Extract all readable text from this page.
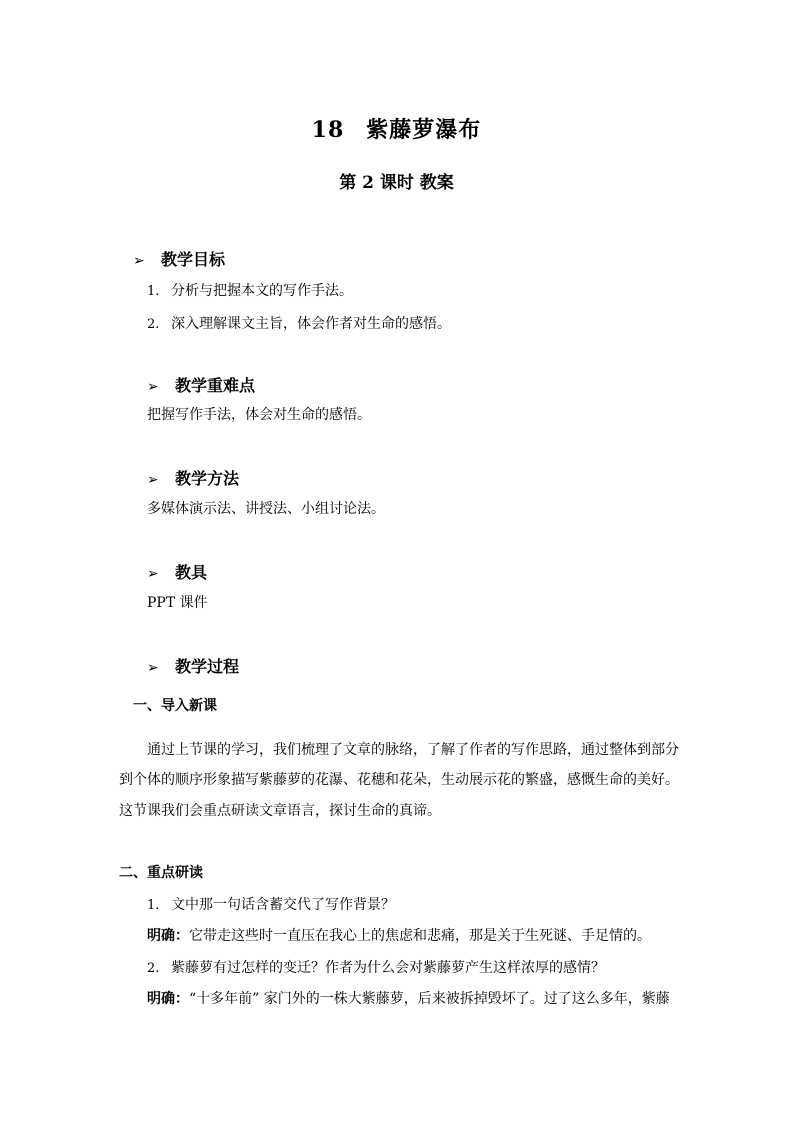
18 紫藤萝瀑布
第 2 课时 教案
➢ 教学目标
1. 分析与把握本文的写作手法。
2. 深入理解课文主旨，体会作者对生命的感悟。
➢ 教学重难点
把握写作手法，体会对生命的感悟。
➢ 教学方法
多媒体演示法、讲授法、小组讨论法。
➢ 教具
PPT 课件
➢ 教学过程
一、导入新课
通过上节课的学习，我们梳理了文章的脉络，了解了作者的写作思路，通过整体到部分
到个体的顺序形象描写紫藤萝的花瀑、花穗和花朵，生动展示花的繁盛，感慨生命的美好。
这节课我们会重点研读文章语言，探讨生命的真谛。
二、重点研读
1. 文中那一句话含蓄交代了写作背景？
明确：它带走这些时一直压在我心上的焦虑和悲痛，那是关于生死谜、手足情的。
2. 紫藤萝有过怎样的变迁？作者为什么会对紫藤萝产生这样浓厚的感情？
明确：“十多年前” 家门外的一株大紫藤萝，后来被拆掉毁坏了。过了这么多年，紫藤
